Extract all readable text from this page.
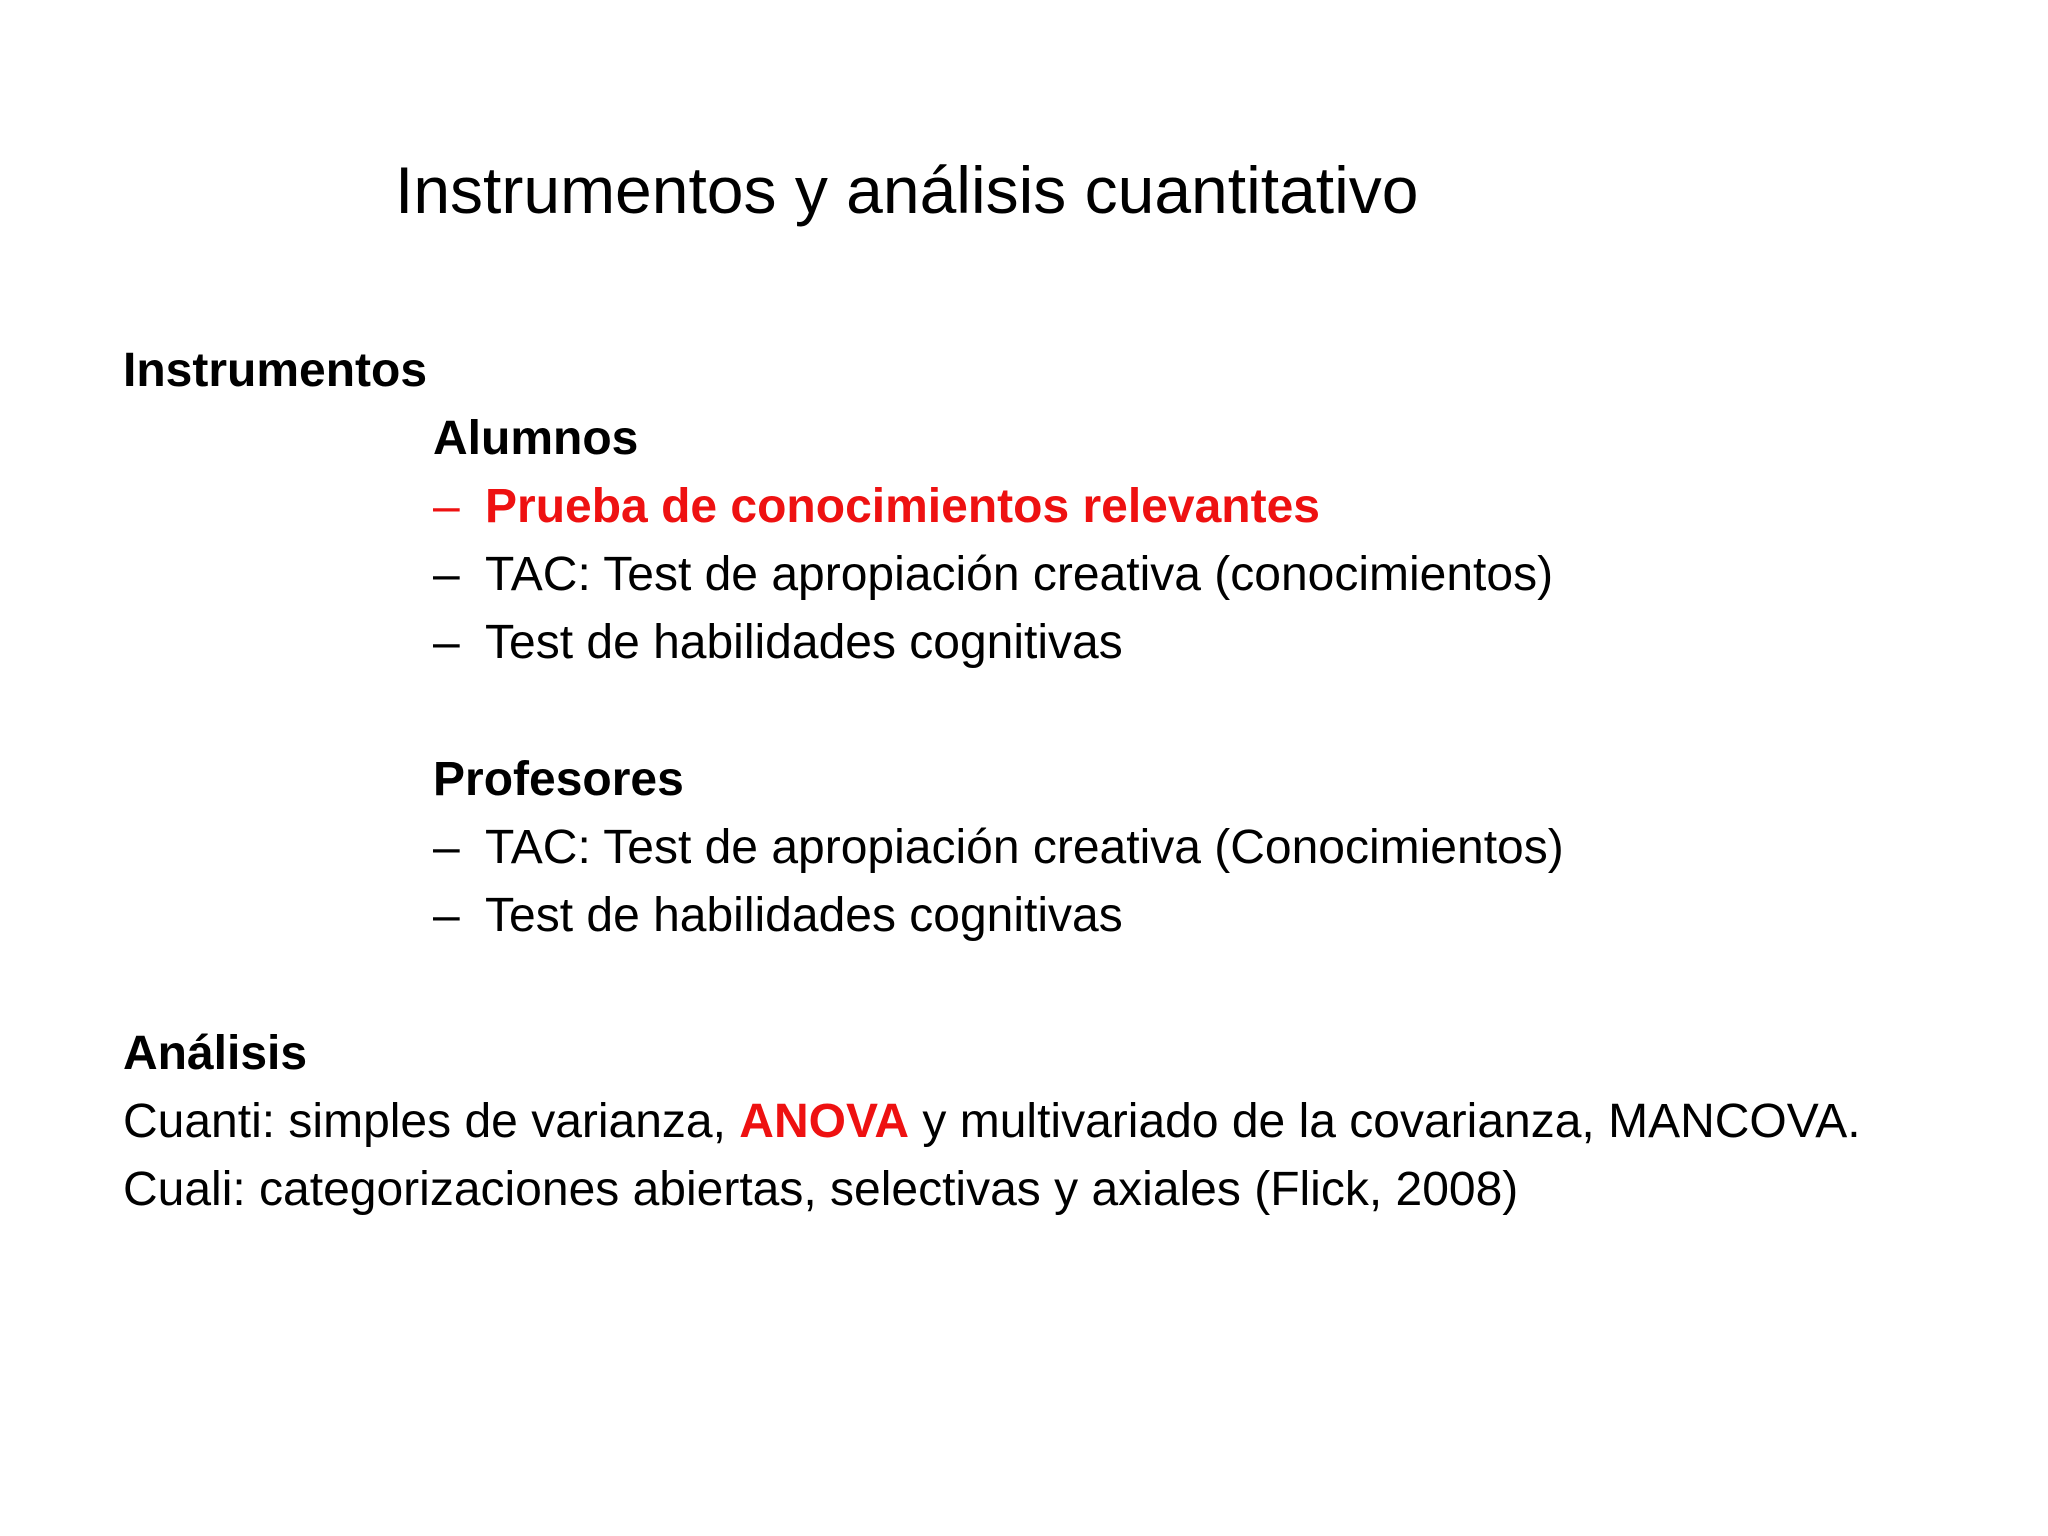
Instrumentos y análisis cuantitativo
Instrumentos
Alumnos
– Prueba de conocimientos relevantes
– TAC: Test de apropiación creativa (conocimientos)
– Test de habilidades cognitivas
Profesores
– TAC: Test de apropiación creativa (Conocimientos)
– Test de habilidades cognitivas
Análisis
Cuanti: simples de varianza, ANOVA y multivariado de la covarianza, MANCOVA.
Cuali: categorizaciones abiertas, selectivas y axiales (Flick, 2008)
